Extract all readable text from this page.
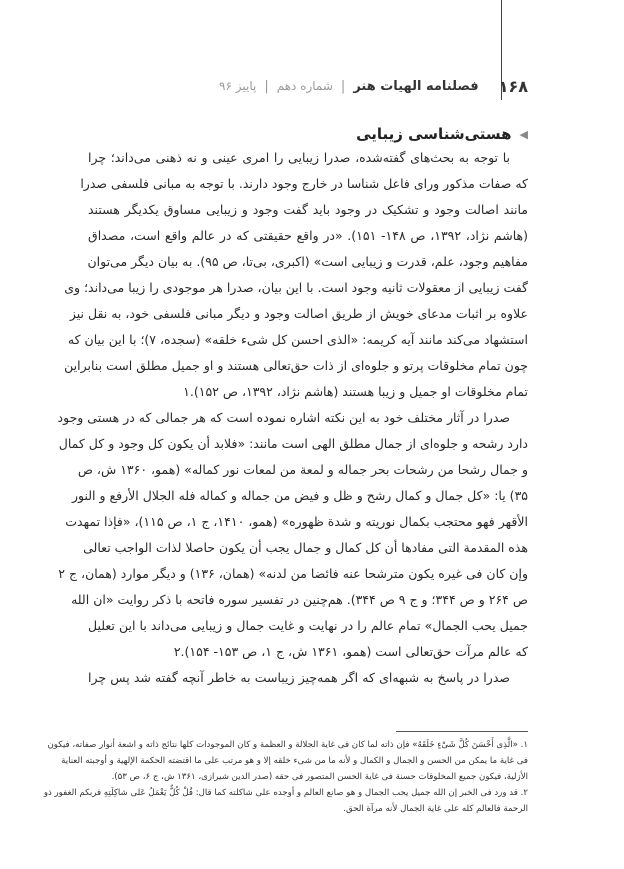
۱۶۸
فصلنامه الهیات هنر
|
شماره دهم
|
پاییز ۹۶
◀
هستی‌شناسی زیبایی
با توجه به بحث‌های گفته‌شده، صدرا زیبایی را امری عینی و نه ذهنی می‌داند؛ چرا
که صفات مذکور ورای فاعل شناسا در خارج وجود دارند. با توجه به مبانی فلسفی صدرا
مانند اصالت وجود و تشکیک در وجود باید گفت وجود و زیبایی مساوق یکدیگر هستند
(هاشم نژاد، ۱۳۹۲، ص ۱۴۸- ۱۵۱). «در واقع حقیقتی که در عالم واقع است، مصداق
مفاهیم وجود، علم، قدرت و زیبایی است» (اکبری، بی‌تا، ص ۹۵). به بیان دیگر می‌توان
گفت زیبایی از معقولات ثانیه وجود است. با این بیان، صدرا هر موجودی را زیبا می‌داند؛ وی
علاوه بر اثبات مدعای خویش از طریق اصالت وجود و دیگر مبانی فلسفی خود، به نقل نیز
استشهاد می‌کند مانند آیه کریمه: «الذی احسن کل شیء خلقه» (سجده، ۷)؛ با این بیان که
چون تمام مخلوقات پرتو و جلوه‌ای از ذات حق‌تعالی هستند و او جمیل مطلق است بنابراین
تمام مخلوقات او جمیل و زیبا هستند (هاشم نژاد، ۱۳۹۲، ص ۱۵۲).۱
صدرا در آثار مختلف خود به این نکته اشاره نموده است که هر جمالی که در هستی وجود
دارد رشحه و جلوه‌ای از جمال مطلق الهی است مانند: «فلابد أن یکون کل وجود و کل کمال
و جمال رشحا من رشحات بحر جماله و لمعة من لمعات نور کماله» (همو، ۱۳۶۰ ش، ص
۳۵) یا: «کل جمال و کمال رشح و ظل و فیض من جماله و کماله فله الجلال الأرفع و النور
الأقهر فهو محتجب بکمال نوریته و شدة ظهوره» (همو، ۱۴۱۰، ج ۱، ص ۱۱۵)، «فإذا تمهدت
هذه المقدمة التی مفادها أن کل کمال و جمال یجب أن یکون حاصلا لذات الواجب تعالی
وإن کان فی غیره یکون مترشحا عنه فائضا من لدنه» (همان، ۱۳۶) و دیگر موارد (همان، ج ۲
ص ۲۶۴ و ص ۳۴۴؛ و ج ۹ ص ۳۴۴). هم‌چنین در تفسیر سوره فاتحه با ذکر روایت «ان الله
جمیل یحب الجمال» تمام عالم را در نهایت و غایت جمال و زیبایی می‌داند با این تعلیل
که عالم مرآت حق‌تعالی است (همو، ۱۳۶۱ ش، ج ۱، ص ۱۵۳- ۱۵۴).۲
صدرا در پاسخ به شبهه‌ای که اگر همه‌چیز زیباست به خاطر آنچه گفته شد پس چرا
۱. «الَّذِی أَحْسَنَ کُلَّ شَیْءٍ خَلَقَهُ» فإن ذاته لما کان فی غایة الجلالة و العظمة و کان الموجودات کلها نتائج ذاته و اشعة أنوار صفاته، فیکون
فی غایة ما یمکن من الحسن و الجمال و الکمال و لأنه ما من شیء خلقه إلا و هو مرتب علی ما اقتضته الحکمة الإلهیة و أوجبته العنایة
الأزلیة، فیکون جمیع المخلوقات حسنة فی غایة الحسن المتصور فی حقه (صدر الدین شیرازی، ۱۳۶۱ ش، ج ۶، ص ۵۳).
۲. قد ورد فی الخبر إن الله جمیل یحب الجمال و هو صانع العالم و أوجده علی شاکلته کما قال: قُلْ کُلٌّ یَعْمَلُ عَلی شاکِلَتِهِ فربکم الغفور ذو
الرحمة فالعالم کله علی غایة الجمال لأنه مرآة الحق.
